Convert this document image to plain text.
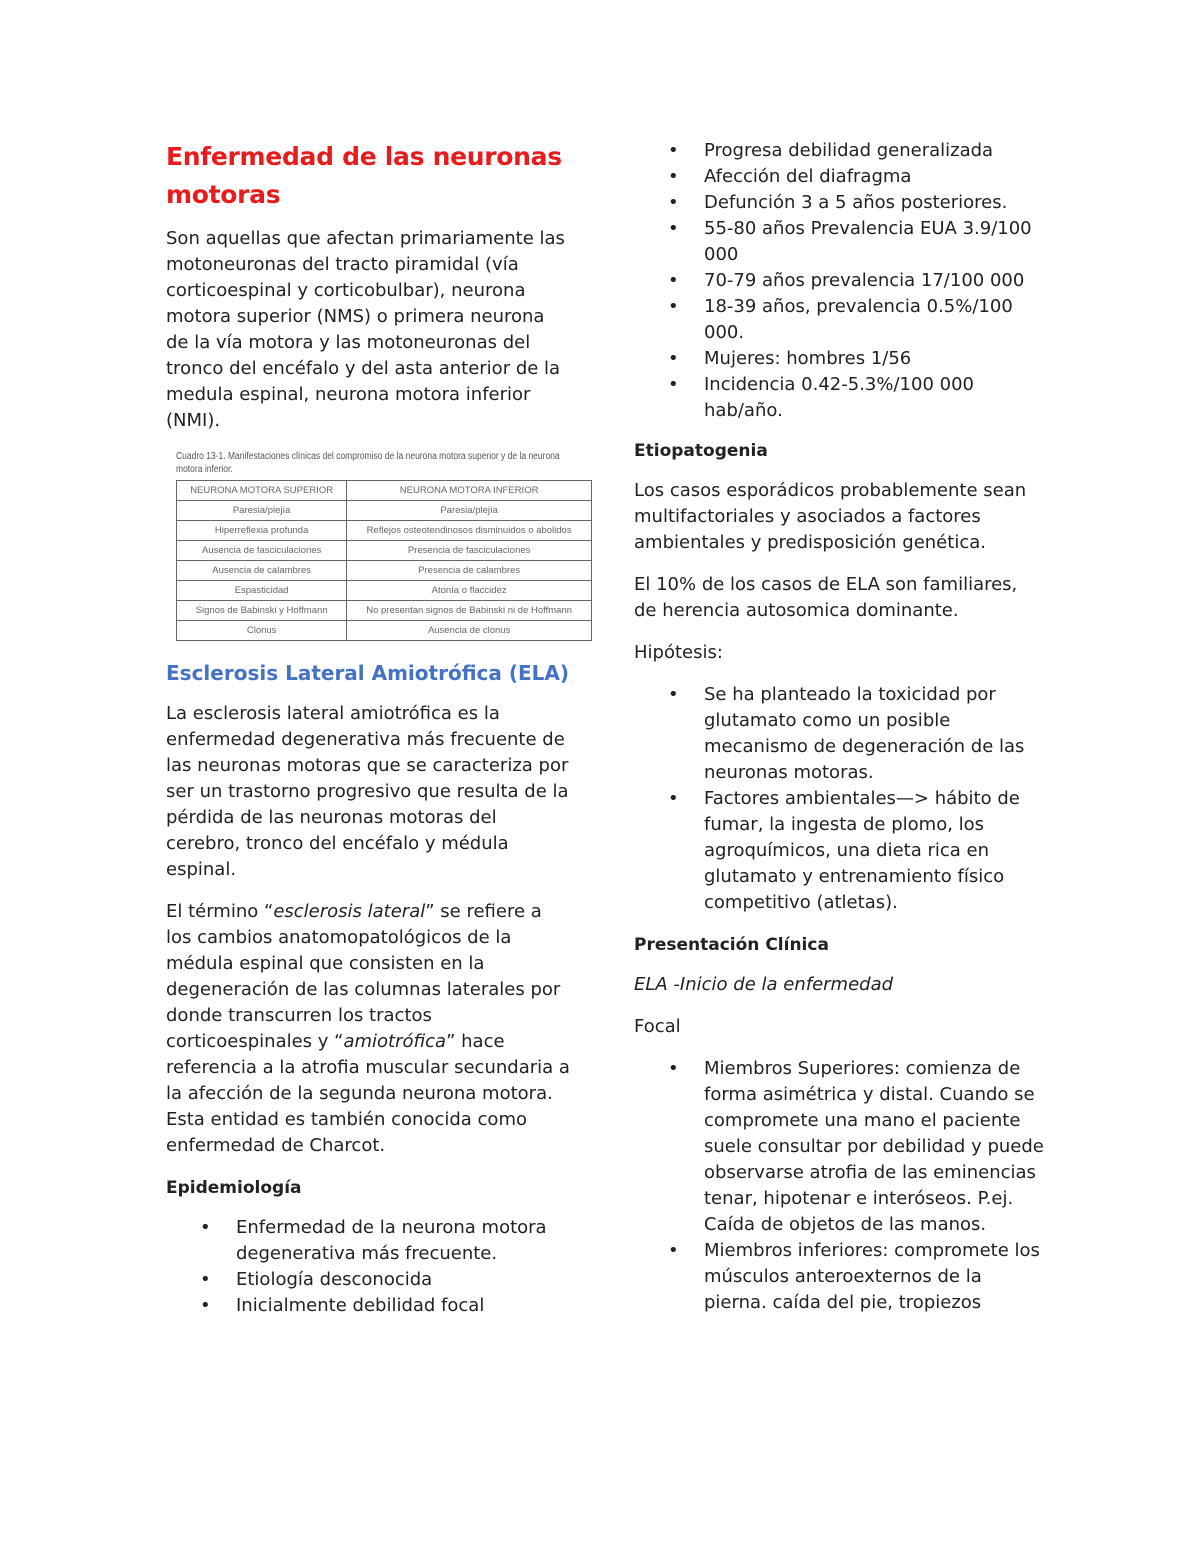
Enfermedad de las neuronas motoras

Son aquellas que afectan primariamente las motoneuronas del tracto piramidal (vía corticoespinal y corticobulbar), neurona motora superior (NMS) o primera neurona de la vía motora y las motoneuronas del tronco del encéfalo y del asta anterior de la medula espinal, neurona motora inferior (NMI).

Cuadro 13-1. Manifestaciones clínicas del compromiso de la neurona motora superior y de la neurona motora inferior.
NEURONA MOTORA SUPERIOR	NEURONA MOTORA INFERIOR
Paresia/plejía	Paresia/plejía
Hiperreflexia profunda	Reflejos osteotendinosos disminuidos o abolidos
Ausencia de fasciculaciones	Presencia de fasciculaciones
Ausencia de calambres	Presencia de calambres
Espasticidad	Atonía o flaccidez
Signos de Babinski y Hoffmann	No presentan signos de Babinski ni de Hoffmann
Clonus	Ausencia de clonus
Esclerosis Lateral Amiotrófica (ELA)

La esclerosis lateral amiotrófica es la enfermedad degenerativa más frecuente de las neuronas motoras que se caracteriza por ser un trastorno progresivo que resulta de la pérdida de las neuronas motoras del cerebro, tronco del encéfalo y médula espinal.

El término “esclerosis lateral” se refiere a los cambios anatomopatológicos de la médula espinal que consisten en la degeneración de las columnas laterales por donde transcurren los tractos corticoespinales y “amiotrófica” hace referencia a la atrofia muscular secundaria a la afección de la segunda neurona motora. Esta entidad es también conocida como enfermedad de Charcot.

Epidemiología
• Enfermedad de la neurona motora degenerativa más frecuente.
• Etiología desconocida
• Inicialmente debilidad focal
• Progresa debilidad generalizada
• Afección del diafragma
• Defunción 3 a 5 años posteriores.
• 55-80 años Prevalencia EUA 3.9/100 000
• 70-79 años prevalencia 17/100 000
• 18-39 años, prevalencia 0.5%/100 000.
• Mujeres: hombres 1/56
• Incidencia 0.42-5.3%/100 000 hab/año.
Etiopatogenia

Los casos esporádicos probablemente sean multifactoriales y asociados a factores ambientales y predisposición genética.

El 10% de los casos de ELA son familiares, de herencia autosomica dominante.

Hipótesis:

• Se ha planteado la toxicidad por glutamato como un posible mecanismo de degeneración de las neuronas motoras.
• Factores ambientales—> hábito de fumar, la ingesta de plomo, los agroquímicos, una dieta rica en glutamato y entrenamiento físico competitivo (atletas).
Presentación Clínica

ELA -Inicio de la enfermedad

Focal

• Miembros Superiores: comienza de forma asimétrica y distal. Cuando se compromete una mano el paciente suele consultar por debilidad y puede observarse atrofia de las eminencias tenar, hipotenar e interóseos. P.ej. Caída de objetos de las manos.
• Miembros inferiores: compromete los músculos anteroexternos de la pierna. caída del pie, tropiezos
